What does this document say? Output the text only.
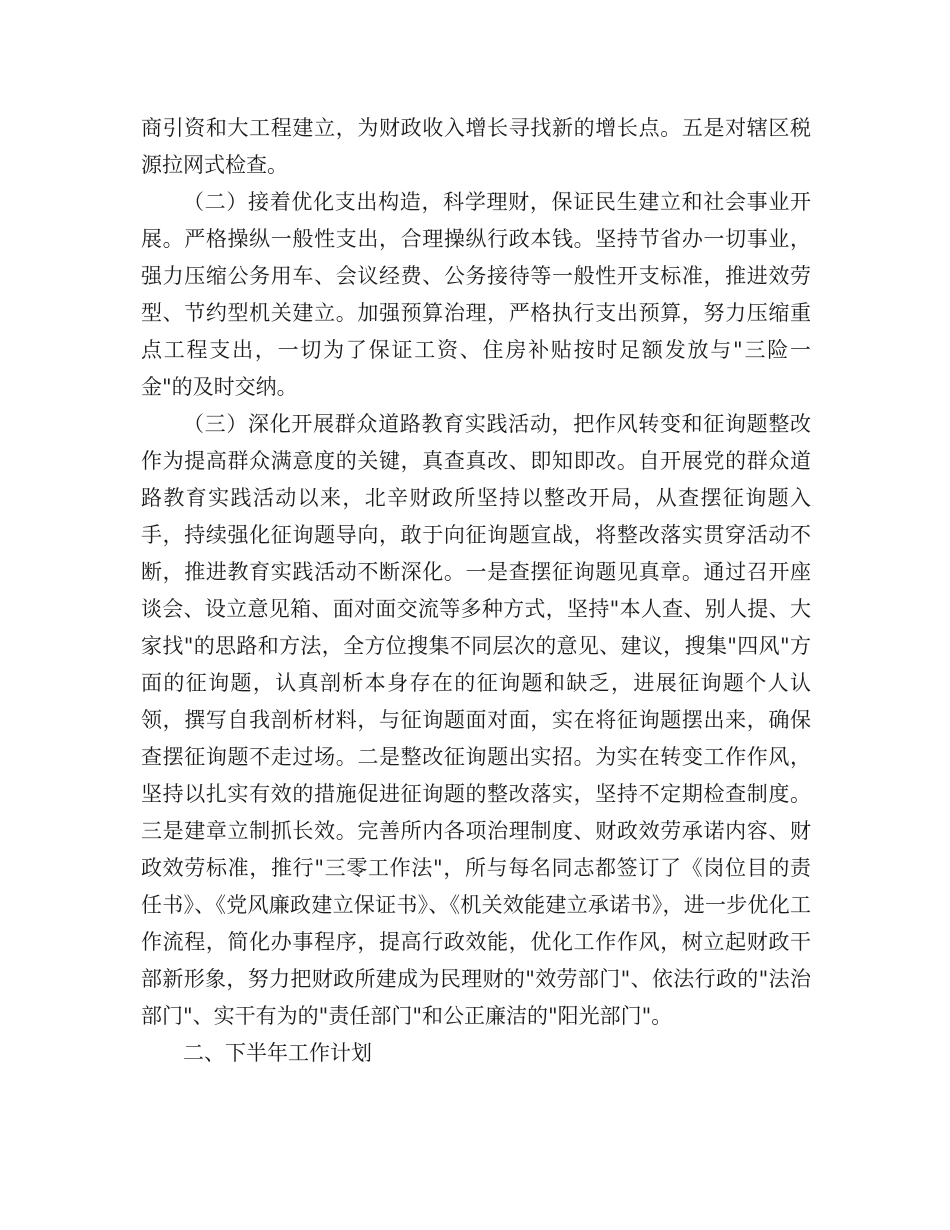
商引资和大工程建立，为财政收入增长寻找新的增长点。五是对辖区税源拉网式检查。

（二）接着优化支出构造，科学理财，保证民生建立和社会事业开展。严格操纵一般性支出，合理操纵行政本钱。坚持节省办一切事业，强力压缩公务用车、会议经费、公务接待等一般性开支标准，推进效劳型、节约型机关建立。加强预算治理，严格执行支出预算，努力压缩重点工程支出，一切为了保证工资、住房补贴按时足额发放与"三险一金"的及时交纳。

（三）深化开展群众道路教育实践活动，把作风转变和征询题整改作为提高群众满意度的关键，真查真改、即知即改。自开展党的群众道路教育实践活动以来，北辛财政所坚持以整改开局，从查摆征询题入手，持续强化征询题导向，敢于向征询题宣战，将整改落实贯穿活动不断，推进教育实践活动不断深化。一是查摆征询题见真章。通过召开座谈会、设立意见箱、面对面交流等多种方式，坚持"本人查、别人提、大家找"的思路和方法，全方位搜集不同层次的意见、建议，搜集"四风"方面的征询题，认真剖析本身存在的征询题和缺乏，进展征询题个人认领，撰写自我剖析材料，与征询题面对面，实在将征询题摆出来，确保查摆征询题不走过场。二是整改征询题出实招。为实在转变工作作风，坚持以扎实有效的措施促进征询题的整改落实，坚持不定期检查制度。三是建章立制抓长效。完善所内各项治理制度、财政效劳承诺内容、财政效劳标准，推行"三零工作法"，所与每名同志都签订了《岗位目的责任书》、《党风廉政建立保证书》、《机关效能建立承诺书》，进一步优化工作流程，简化办事程序，提高行政效能，优化工作作风，树立起财政干部新形象，努力把财政所建成为民理财的"效劳部门"、依法行政的"法治部门"、实干有为的"责任部门"和公正廉洁的"阳光部门"。

二、下半年工作计划
